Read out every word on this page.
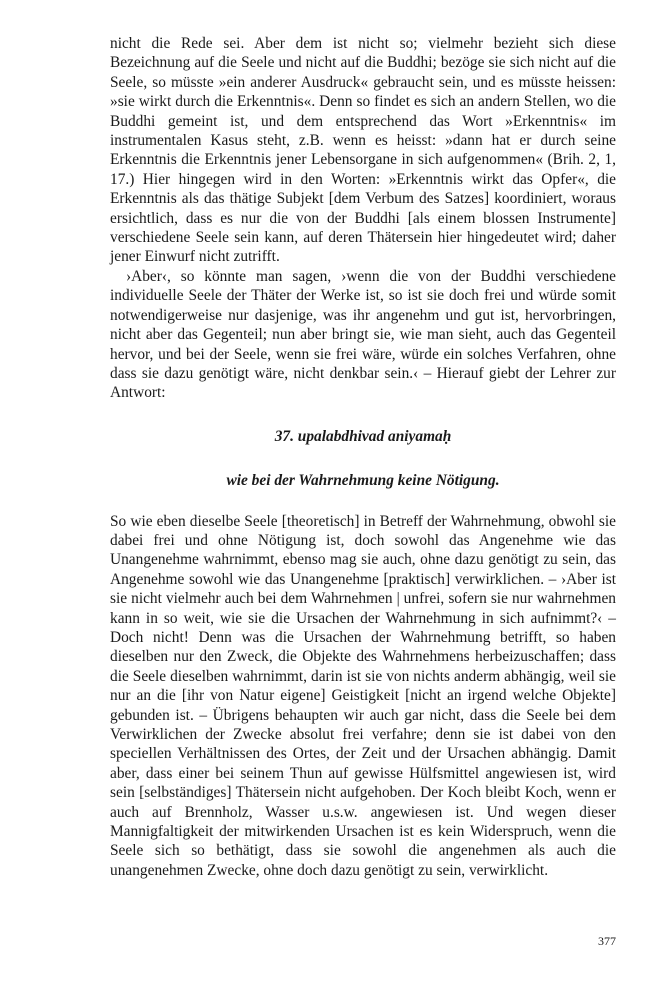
nicht die Rede sei. Aber dem ist nicht so; vielmehr bezieht sich diese Bezeichnung auf die Seele und nicht auf die Buddhi; bezöge sie sich nicht auf die Seele, so müsste »ein anderer Ausdruck« gebraucht sein, und es müsste heissen: »sie wirkt durch die Erkenntnis«. Denn so findet es sich an andern Stellen, wo die Buddhi gemeint ist, und dem entsprechend das Wort »Erkenntnis« im instrumentalen Kasus steht, z.B. wenn es heisst: »dann hat er durch seine Erkenntnis die Erkenntnis jener Lebensorgane in sich aufgenommen« (Brih. 2, 1, 17.) Hier hingegen wird in den Worten: »Erkenntnis wirkt das Opfer«, die Erkenntnis als das thätige Subjekt [dem Verbum des Satzes] koordiniert, woraus ersichtlich, dass es nur die von der Buddhi [als einem blossen Instrumente] verschiedene Seele sein kann, auf deren Thätersein hier hingedeutet wird; daher jener Einwurf nicht zutrifft.

›Aber‹, so könnte man sagen, ›wenn die von der Buddhi verschiedene individuelle Seele der Thäter der Werke ist, so ist sie doch frei und würde somit notwendigerweise nur dasjenige, was ihr angenehm und gut ist, hervorbringen, nicht aber das Gegenteil; nun aber bringt sie, wie man sieht, auch das Gegenteil hervor, und bei der Seele, wenn sie frei wäre, würde ein solches Verfahren, ohne dass sie dazu genötigt wäre, nicht denkbar sein.‹ – Hierauf giebt der Lehrer zur Antwort:

37. upalabdhivad aniyamaḥ
wie bei der Wahrnehmung keine Nötigung.

So wie eben dieselbe Seele [theoretisch] in Betreff der Wahrnehmung, obwohl sie dabei frei und ohne Nötigung ist, doch sowohl das Angenehme wie das Unangenehme wahrnimmt, ebenso mag sie auch, ohne dazu genötigt zu sein, das Angenehme sowohl wie das Unangenehme [praktisch] verwirklichen. – ›Aber ist sie nicht vielmehr auch bei dem Wahrnehmen | unfrei, sofern sie nur wahrnehmen kann in so weit, wie sie die Ursachen der Wahrnehmung in sich aufnimmt?‹ – Doch nicht! Denn was die Ursachen der Wahrnehmung betrifft, so haben dieselben nur den Zweck, die Objekte des Wahrnehmens herbeizuschaffen; dass die Seele dieselben wahrnimmt, darin ist sie von nichts anderm abhängig, weil sie nur an die [ihr von Natur eigene] Geistigkeit [nicht an irgend welche Objekte] gebunden ist. – Übrigens behaupten wir auch gar nicht, dass die Seele bei dem Verwirklichen der Zwecke absolut frei verfahre; denn sie ist dabei von den speciellen Verhältnissen des Ortes, der Zeit und der Ursachen abhängig. Damit aber, dass einer bei seinem Thun auf gewisse Hülfsmittel angewiesen ist, wird sein [selbständiges] Thätersein nicht aufgehoben. Der Koch bleibt Koch, wenn er auch auf Brennholz, Wasser u.s.w. angewiesen ist. Und wegen dieser Mannigfaltigkeit der mitwirkenden Ursachen ist es kein Widerspruch, wenn die Seele sich so bethätigt, dass sie sowohl die angenehmen als auch die unangenehmen Zwecke, ohne doch dazu genötigt zu sein, verwirklicht.

377
